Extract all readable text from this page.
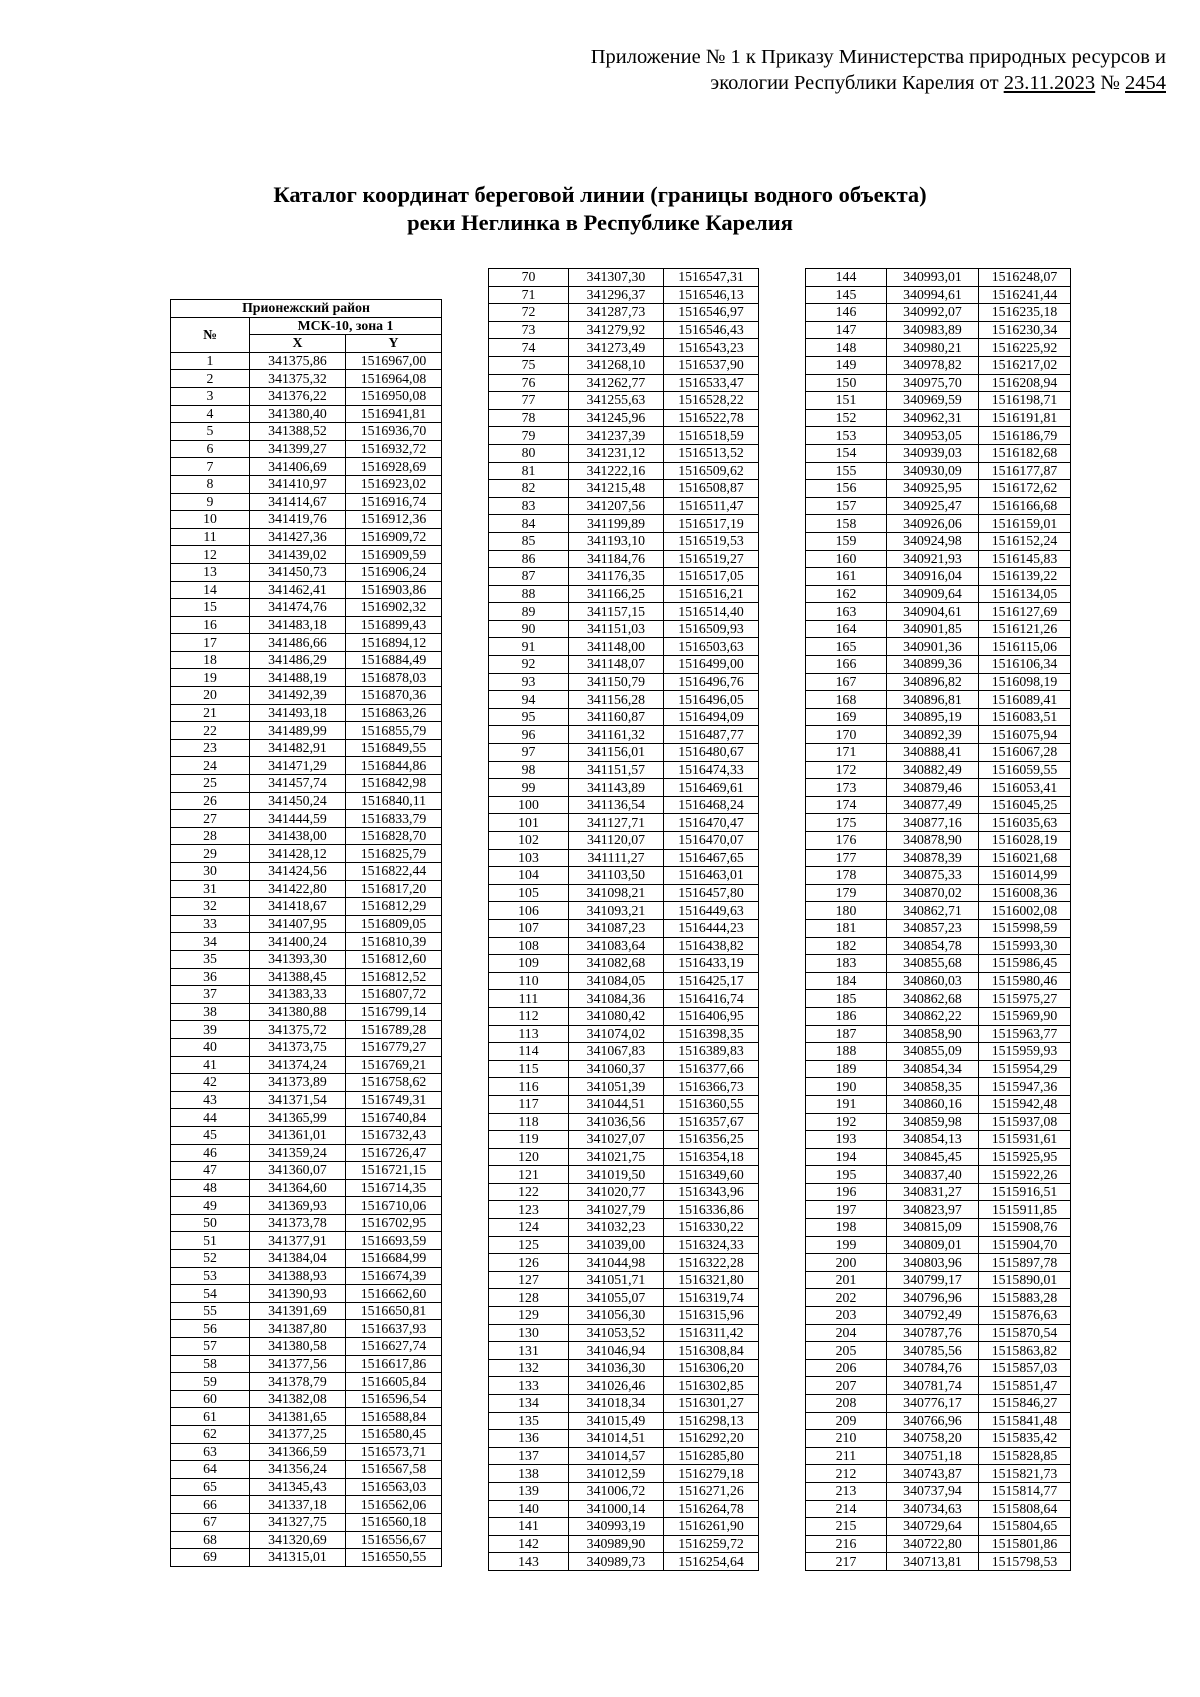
Приложение № 1 к Приказу Министерства природных ресурсов и
экологии Республики Карелия от 23.11.2023 № 2454
Каталог координат береговой линии (границы водного объекта)
реки Неглинка в Республике Карелия
Прионежский район		
№	МСК-10, зона 1	
	X	Y
1	341375,86	1516967,00
2	341375,32	1516964,08
3	341376,22	1516950,08
4	341380,40	1516941,81
5	341388,52	1516936,70
6	341399,27	1516932,72
7	341406,69	1516928,69
8	341410,97	1516923,02
9	341414,67	1516916,74
10	341419,76	1516912,36
11	341427,36	1516909,72
12	341439,02	1516909,59
13	341450,73	1516906,24
14	341462,41	1516903,86
15	341474,76	1516902,32
16	341483,18	1516899,43
17	341486,66	1516894,12
18	341486,29	1516884,49
19	341488,19	1516878,03
20	341492,39	1516870,36
21	341493,18	1516863,26
22	341489,99	1516855,79
23	341482,91	1516849,55
24	341471,29	1516844,86
25	341457,74	1516842,98
26	341450,24	1516840,11
27	341444,59	1516833,79
28	341438,00	1516828,70
29	341428,12	1516825,79
30	341424,56	1516822,44
31	341422,80	1516817,20
32	341418,67	1516812,29
33	341407,95	1516809,05
34	341400,24	1516810,39
35	341393,30	1516812,60
36	341388,45	1516812,52
37	341383,33	1516807,72
38	341380,88	1516799,14
39	341375,72	1516789,28
40	341373,75	1516779,27
41	341374,24	1516769,21
42	341373,89	1516758,62
43	341371,54	1516749,31
44	341365,99	1516740,84
45	341361,01	1516732,43
46	341359,24	1516726,47
47	341360,07	1516721,15
48	341364,60	1516714,35
49	341369,93	1516710,06
50	341373,78	1516702,95
51	341377,91	1516693,59
52	341384,04	1516684,99
53	341388,93	1516674,39
54	341390,93	1516662,60
55	341391,69	1516650,81
56	341387,80	1516637,93
57	341380,58	1516627,74
58	341377,56	1516617,86
59	341378,79	1516605,84
60	341382,08	1516596,54
61	341381,65	1516588,84
62	341377,25	1516580,45
63	341366,59	1516573,71
64	341356,24	1516567,58
65	341345,43	1516563,03
66	341337,18	1516562,06
67	341327,75	1516560,18
68	341320,69	1516556,67
69	341315,01	1516550,55
70	341307,30	1516547,31
71	341296,37	1516546,13
72	341287,73	1516546,97
73	341279,92	1516546,43
74	341273,49	1516543,23
75	341268,10	1516537,90
76	341262,77	1516533,47
77	341255,63	1516528,22
78	341245,96	1516522,78
79	341237,39	1516518,59
80	341231,12	1516513,52
81	341222,16	1516509,62
82	341215,48	1516508,87
83	341207,56	1516511,47
84	341199,89	1516517,19
85	341193,10	1516519,53
86	341184,76	1516519,27
87	341176,35	1516517,05
88	341166,25	1516516,21
89	341157,15	1516514,40
90	341151,03	1516509,93
91	341148,00	1516503,63
92	341148,07	1516499,00
93	341150,79	1516496,76
94	341156,28	1516496,05
95	341160,87	1516494,09
96	341161,32	1516487,77
97	341156,01	1516480,67
98	341151,57	1516474,33
99	341143,89	1516469,61
100	341136,54	1516468,24
101	341127,71	1516470,47
102	341120,07	1516470,07
103	341111,27	1516467,65
104	341103,50	1516463,01
105	341098,21	1516457,80
106	341093,21	1516449,63
107	341087,23	1516444,23
108	341083,64	1516438,82
109	341082,68	1516433,19
110	341084,05	1516425,17
111	341084,36	1516416,74
112	341080,42	1516406,95
113	341074,02	1516398,35
114	341067,83	1516389,83
115	341060,37	1516377,66
116	341051,39	1516366,73
117	341044,51	1516360,55
118	341036,56	1516357,67
119	341027,07	1516356,25
120	341021,75	1516354,18
121	341019,50	1516349,60
122	341020,77	1516343,96
123	341027,79	1516336,86
124	341032,23	1516330,22
125	341039,00	1516324,33
126	341044,98	1516322,28
127	341051,71	1516321,80
128	341055,07	1516319,74
129	341056,30	1516315,96
130	341053,52	1516311,42
131	341046,94	1516308,84
132	341036,30	1516306,20
133	341026,46	1516302,85
134	341018,34	1516301,27
135	341015,49	1516298,13
136	341014,51	1516292,20
137	341014,57	1516285,80
138	341012,59	1516279,18
139	341006,72	1516271,26
140	341000,14	1516264,78
141	340993,19	1516261,90
142	340989,90	1516259,72
143	340989,73	1516254,64
144	340993,01	1516248,07
145	340994,61	1516241,44
146	340992,07	1516235,18
147	340983,89	1516230,34
148	340980,21	1516225,92
149	340978,82	1516217,02
150	340975,70	1516208,94
151	340969,59	1516198,71
152	340962,31	1516191,81
153	340953,05	1516186,79
154	340939,03	1516182,68
155	340930,09	1516177,87
156	340925,95	1516172,62
157	340925,47	1516166,68
158	340926,06	1516159,01
159	340924,98	1516152,24
160	340921,93	1516145,83
161	340916,04	1516139,22
162	340909,64	1516134,05
163	340904,61	1516127,69
164	340901,85	1516121,26
165	340901,36	1516115,06
166	340899,36	1516106,34
167	340896,82	1516098,19
168	340896,81	1516089,41
169	340895,19	1516083,51
170	340892,39	1516075,94
171	340888,41	1516067,28
172	340882,49	1516059,55
173	340879,46	1516053,41
174	340877,49	1516045,25
175	340877,16	1516035,63
176	340878,90	1516028,19
177	340878,39	1516021,68
178	340875,33	1516014,99
179	340870,02	1516008,36
180	340862,71	1516002,08
181	340857,23	1515998,59
182	340854,78	1515993,30
183	340855,68	1515986,45
184	340860,03	1515980,46
185	340862,68	1515975,27
186	340862,22	1515969,90
187	340858,90	1515963,77
188	340855,09	1515959,93
189	340854,34	1515954,29
190	340858,35	1515947,36
191	340860,16	1515942,48
192	340859,98	1515937,08
193	340854,13	1515931,61
194	340845,45	1515925,95
195	340837,40	1515922,26
196	340831,27	1515916,51
197	340823,97	1515911,85
198	340815,09	1515908,76
199	340809,01	1515904,70
200	340803,96	1515897,78
201	340799,17	1515890,01
202	340796,96	1515883,28
203	340792,49	1515876,63
204	340787,76	1515870,54
205	340785,56	1515863,82
206	340784,76	1515857,03
207	340781,74	1515851,47
208	340776,17	1515846,27
209	340766,96	1515841,48
210	340758,20	1515835,42
211	340751,18	1515828,85
212	340743,87	1515821,73
213	340737,94	1515814,77
214	340734,63	1515808,64
215	340729,64	1515804,65
216	340722,80	1515801,86
217	340713,81	1515798,53
